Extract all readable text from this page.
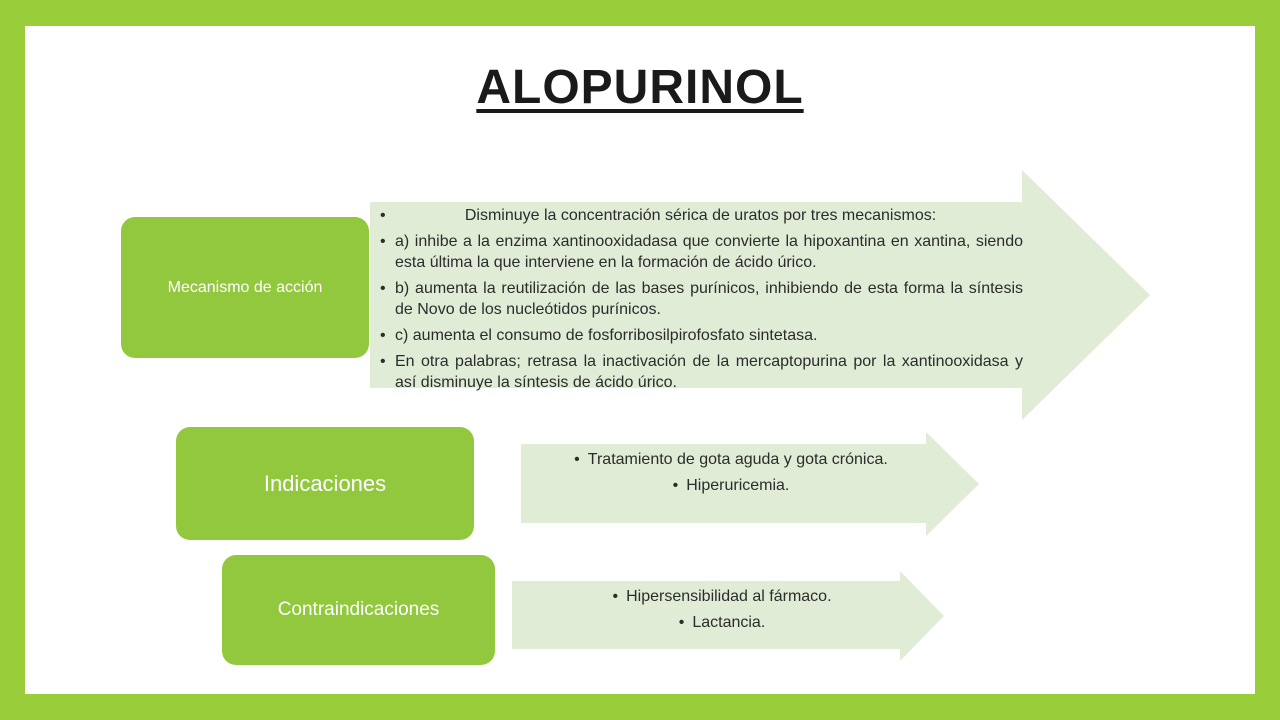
ALOPURINOL
• Disminuye la concentración sérica de uratos por tres mecanismos:
• a) inhibe a la enzima xantinooxidadasa que convierte la hipoxantina en xantina, siendo esta última la que interviene en la formación de ácido úrico.
• b) aumenta la reutilización de las bases purínicos, inhibiendo de esta forma la síntesis de Novo de los nucleótidos purínicos.
• c) aumenta el consumo de fosforribosilpirofosfato sintetasa.
• En otra palabras; retrasa la inactivación de la mercaptopurina por la xantinooxidasa y así disminuye la síntesis de ácido úrico.
Mecanismo de acción
• Tratamiento de gota aguda y gota crónica.
• Hiperuricemia.
Indicaciones
• Hipersensibilidad al fármaco.
• Lactancia.
Contraindicaciones
